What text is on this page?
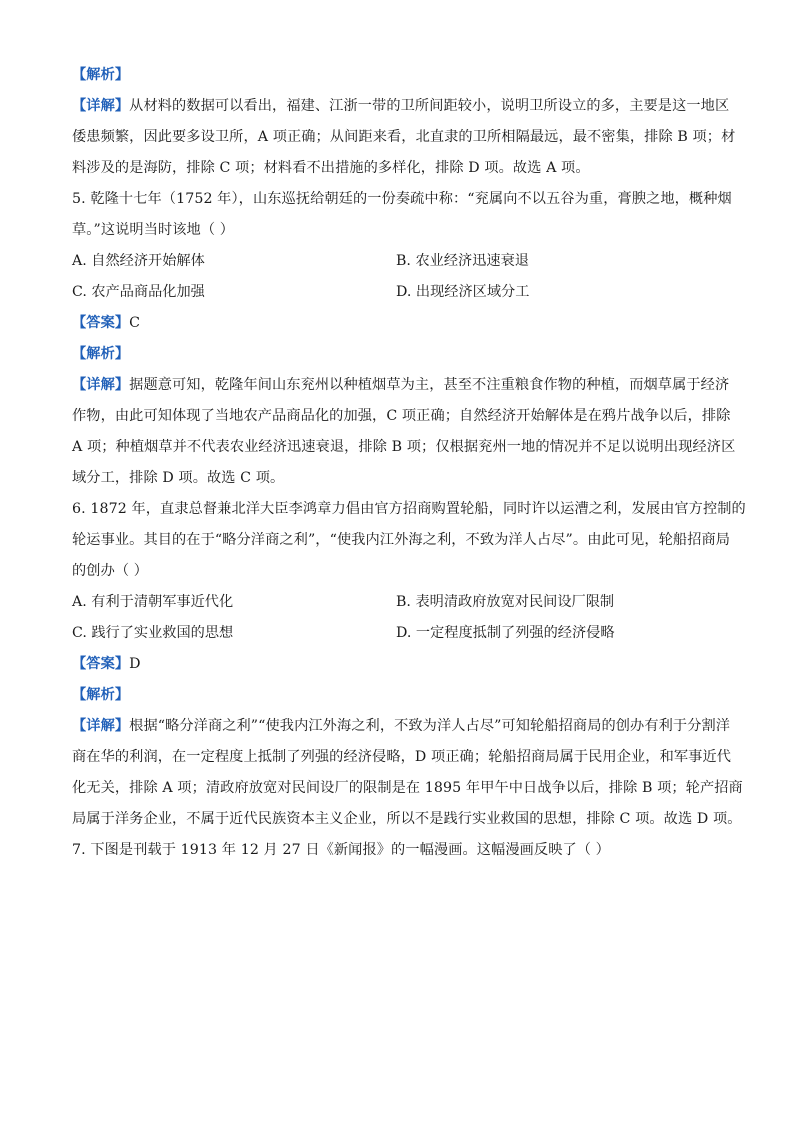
【解析】
【详解】从材料的数据可以看出，福建、江浙一带的卫所间距较小，说明卫所设立的多，主要是这一地区
倭患频繁，因此要多设卫所，A 项正确；从间距来看，北直隶的卫所相隔最远，最不密集，排除 B 项；材
料涉及的是海防，排除 C 项；材料看不出措施的多样化，排除 D 项。故选 A 项。
5. 乾隆十七年（1752 年），山东巡抚给朝廷的一份奏疏中称：“兖属向不以五谷为重，膏腴之地，概种烟
草。”这说明当时该地（ ）
A. 自然经济开始解体	B. 农业经济迅速衰退
C. 农产品商品化加强	D. 出现经济区域分工
【答案】C
【解析】
【详解】据题意可知，乾隆年间山东兖州以种植烟草为主，甚至不注重粮食作物的种植，而烟草属于经济
作物，由此可知体现了当地农产品商品化的加强，C 项正确；自然经济开始解体是在鸦片战争以后，排除
A 项；种植烟草并不代表农业经济迅速衰退，排除 B 项；仅根据兖州一地的情况并不足以说明出现经济区
域分工，排除 D 项。故选 C 项。
6. 1872 年，直隶总督兼北洋大臣李鸿章力倡由官方招商购置轮船，同时许以运漕之利，发展由官方控制的
轮运事业。其目的在于“略分洋商之利”，“使我内江外海之利，不致为洋人占尽”。由此可见，轮船招商局
的创办（ ）
A. 有利于清朝军事近代化	B. 表明清政府放宽对民间设厂限制
C. 践行了实业救国的思想	D. 一定程度抵制了列强的经济侵略
【答案】D
【解析】
【详解】根据“略分洋商之利”“使我内江外海之利，不致为洋人占尽”可知轮船招商局的创办有利于分割洋
商在华的利润，在一定程度上抵制了列强的经济侵略，D 项正确；轮船招商局属于民用企业，和军事近代
化无关，排除 A 项；清政府放宽对民间设厂的限制是在 1895 年甲午中日战争以后，排除 B 项；轮产招商
局属于洋务企业，不属于近代民族资本主义企业，所以不是践行实业救国的思想，排除 C 项。故选 D 项。
7. 下图是刊载于 1913 年 12 月 27 日《新闻报》的一幅漫画。这幅漫画反映了（ ）
